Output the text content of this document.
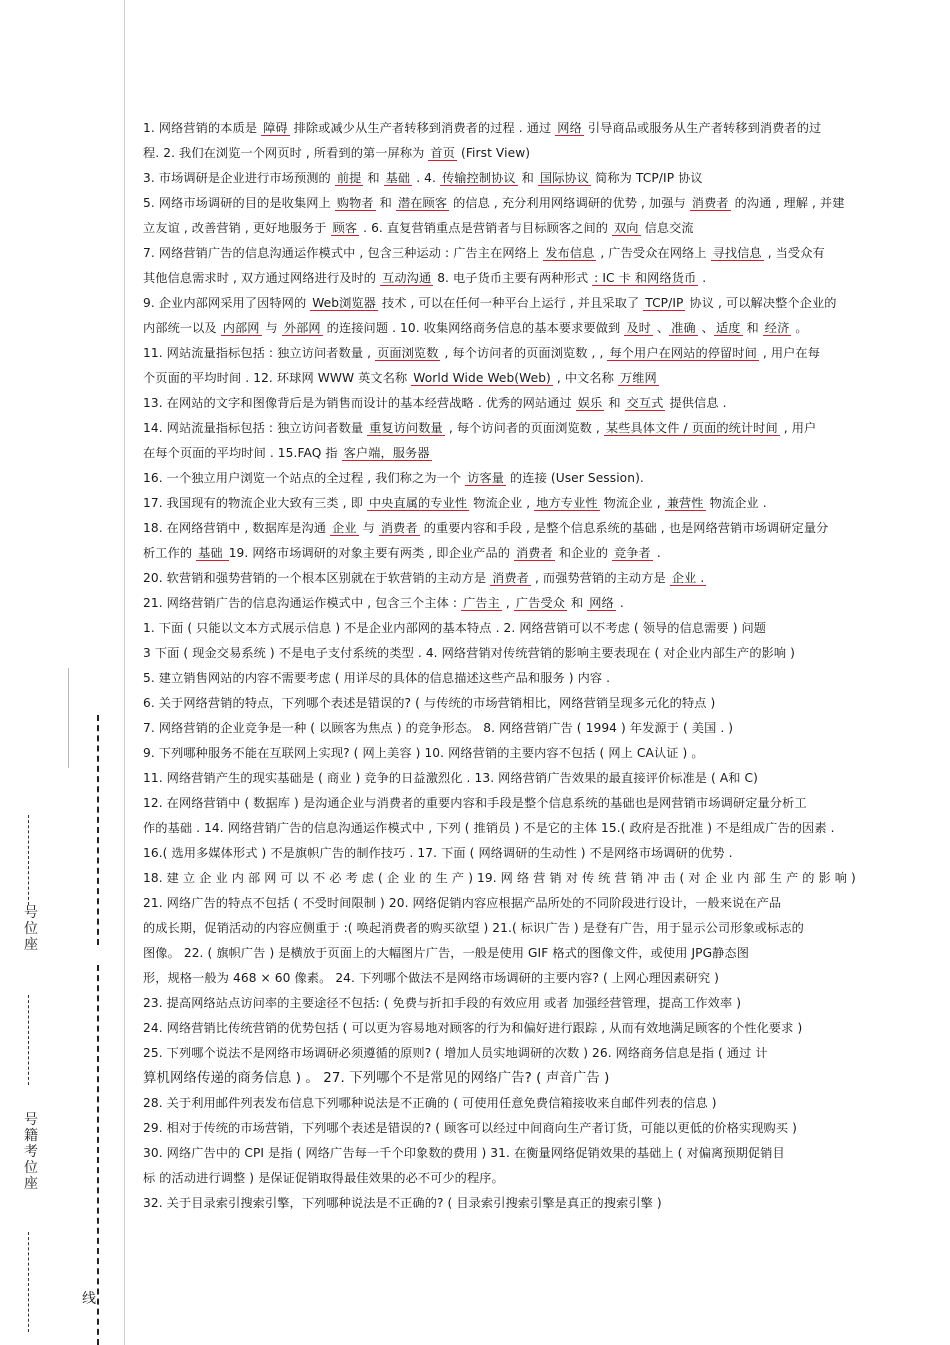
号位座
号籍考位座
线
1. 网络营销的本质是 障碍 排除或减少从生产者转移到消费者的过程 . 通过 网络 引导商品或服务从生产者转移到消费者的过
程. 2. 我们在浏览一个网页时 , 所看到的第一屏称为 首页 (First View)
3. 市场调研是企业进行市场预测的 前提 和 基础 . 4. 传输控制协议 和 国际协议 简称为 TCP/IP 协议
5. 网络市场调研的目的是收集网上 购物者 和 潜在顾客 的信息 , 充分利用网络调研的优势 , 加强与 消费者 的沟通 , 理解 , 并建
立友谊 , 改善营销 , 更好地服务于 顾客 . 6. 直复营销重点是营销者与目标顾客之间的 双向 信息交流
7. 网络营销广告的信息沟通运作模式中 , 包含三种运动 : 广告主在网络上 发布信息 , 广告受众在网络上 寻找信息 , 当受众有
其他信息需求时 , 双方通过网络进行及时的 互动沟通 8. 电子货币主要有两种形式 : IC 卡 和网络货币 .
9. 企业内部网采用了因特网的 Web浏览器 技术 , 可以在任何一种平台上运行 , 并且采取了 TCP/IP 协议 , 可以解决整个企业的
内部统一以及 内部网 与 外部网 的连接问题 . 10. 收集网络商务信息的基本要求要做到 及时 、 准确 、 适度 和 经济 。
11. 网站流量指标包括 : 独立访问者数量 , 页面浏览数 , 每个访问者的页面浏览数 , , 每个用户在网站的停留时间 , 用户在每
个页面的平均时间 . 12. 环球网 WWW 英文名称 World Wide Web(Web) , 中文名称 万维网
13. 在网站的文字和图像背后是为销售而设计的基本经营战略 . 优秀的网站通过 娱乐 和 交互式 提供信息 .
14. 网站流量指标包括 : 独立访问者数量 重复访问数量 , 每个访问者的页面浏览数 , 某些具体文件 / 页面的统计时间 , 用户
在每个页面的平均时间 . 15.FAQ 指 客户端，服务器
16. 一个独立用户浏览一个站点的全过程 , 我们称之为一个 访客量 的连接 (User Session).
17. 我国现有的物流企业大致有三类 , 即 中央直属的专业性 物流企业 , 地方专业性 物流企业 , 兼营性 物流企业 .
18. 在网络营销中 , 数据库是沟通 企业 与 消费者 的重要内容和手段 , 是整个信息系统的基础 , 也是网络营销市场调研定量分
析工作的 基础 19. 网络市场调研的对象主要有两类 , 即企业产品的 消费者 和企业的 竞争者 .
20. 软营销和强势营销的一个根本区别就在于软营销的主动方是 消费者 , 而强势营销的主动方是 企业 .
21. 网络营销广告的信息沟通运作模式中 , 包含三个主体 : 广告主 , 广告受众 和 网络 .
1. 下面 ( 只能以文本方式展示信息 ) 不是企业内部网的基本特点 . 2. 网络营销可以不考虑 ( 领导的信息需要 ) 问题
3 下面 ( 现金交易系统 ) 不是电子支付系统的类型 . 4. 网络营销对传统营销的影响主要表现在 ( 对企业内部生产的影响 )
5. 建立销售网站的内容不需要考虑 ( 用详尽的具体的信息描述这些产品和服务 ) 内容 .
6. 关于网络营销的特点，下列哪个表述是错误的? ( 与传统的市场营销相比，网络营销呈现多元化的特点 )
7. 网络营销的企业竞争是一种 ( 以顾客为焦点 ) 的竞争形态。 8. 网络营销广告 ( 1994 ) 年发源于 ( 美国 . )
9. 下列哪种服务不能在互联网上实现? ( 网上美容 ) 10. 网络营销的主要内容不包括 ( 网上 CA认证 ) 。
11. 网络营销产生的现实基础是 ( 商业 ) 竞争的日益激烈化 . 13. 网络营销广告效果的最直接评价标准是 ( A和 C)
12. 在网络营销中 ( 数据库 ) 是沟通企业与消费者的重要内容和手段是整个信息系统的基础也是网营销市场调研定量分析工
作的基础 . 14. 网络营销广告的信息沟通运作模式中 , 下列 ( 推销员 ) 不是它的主体 15.( 政府是否批准 ) 不是组成广告的因素 .
16.( 选用多媒体形式 ) 不是旗帜广告的制作技巧 . 17. 下面 ( 网络调研的生动性 ) 不是网络市场调研的优势 .
18. 建 立 企 业 内 部 网 可 以 不 必 考 虑 ( 企 业 的 生 产 ) 19. 网 络 营 销 对 传 统 营 销 冲 击 ( 对 企 业 内 部 生 产 的 影 响 )
21. 网络广告的特点不包括 ( 不受时间限制 ) 20. 网络促销内容应根据产品所处的不同阶段进行设计，一般来说在产品
的成长期，促销活动的内容应侧重于 :( 唤起消费者的购买欲望 ) 21.( 标识广告 ) 是登有广告，用于显示公司形象或标志的
图像。 22. ( 旗帜广告 ) 是横放于页面上的大幅图片广告，一般是使用 GIF 格式的图像文件，或使用 JPG静态图
形，规格一般为 468 × 60 像素。 24. 下列哪个做法不是网络市场调研的主要内容? ( 上网心理因素研究 )
23. 提高网络站点访问率的主要途径不包括: ( 免费与折扣手段的有效应用 或者 加强经营管理，提高工作效率 )
24. 网络营销比传统营销的优势包括 ( 可以更为容易地对顾客的行为和偏好进行跟踪 , 从而有效地满足顾客的个性化要求 )
25. 下列哪个说法不是网络市场调研必须遵循的原则? ( 增加人员实地调研的次数 ) 26. 网络商务信息是指 ( 通过 计
算机网络传递的商务信息 ) 。 27. 下列哪个不是常见的网络广告? ( 声音广告 )
28. 关于利用邮件列表发布信息下列哪种说法是不正确的 ( 可使用任意免费信箱接收来自邮件列表的信息 )
29. 相对于传统的市场营销，下列哪个表述是错误的? ( 顾客可以经过中间商向生产者订货，可能以更低的价格实现购买 )
30. 网络广告中的 CPI 是指 ( 网络广告每一千个印象数的费用 ) 31. 在衡量网络促销效果的基础上 ( 对偏离预期促销目
标 的活动进行调整 ) 是保证促销取得最佳效果的必不可少的程序。
32. 关于目录索引搜索引擎，下列哪种说法是不正确的? ( 目录索引搜索引擎是真正的搜索引擎 )
